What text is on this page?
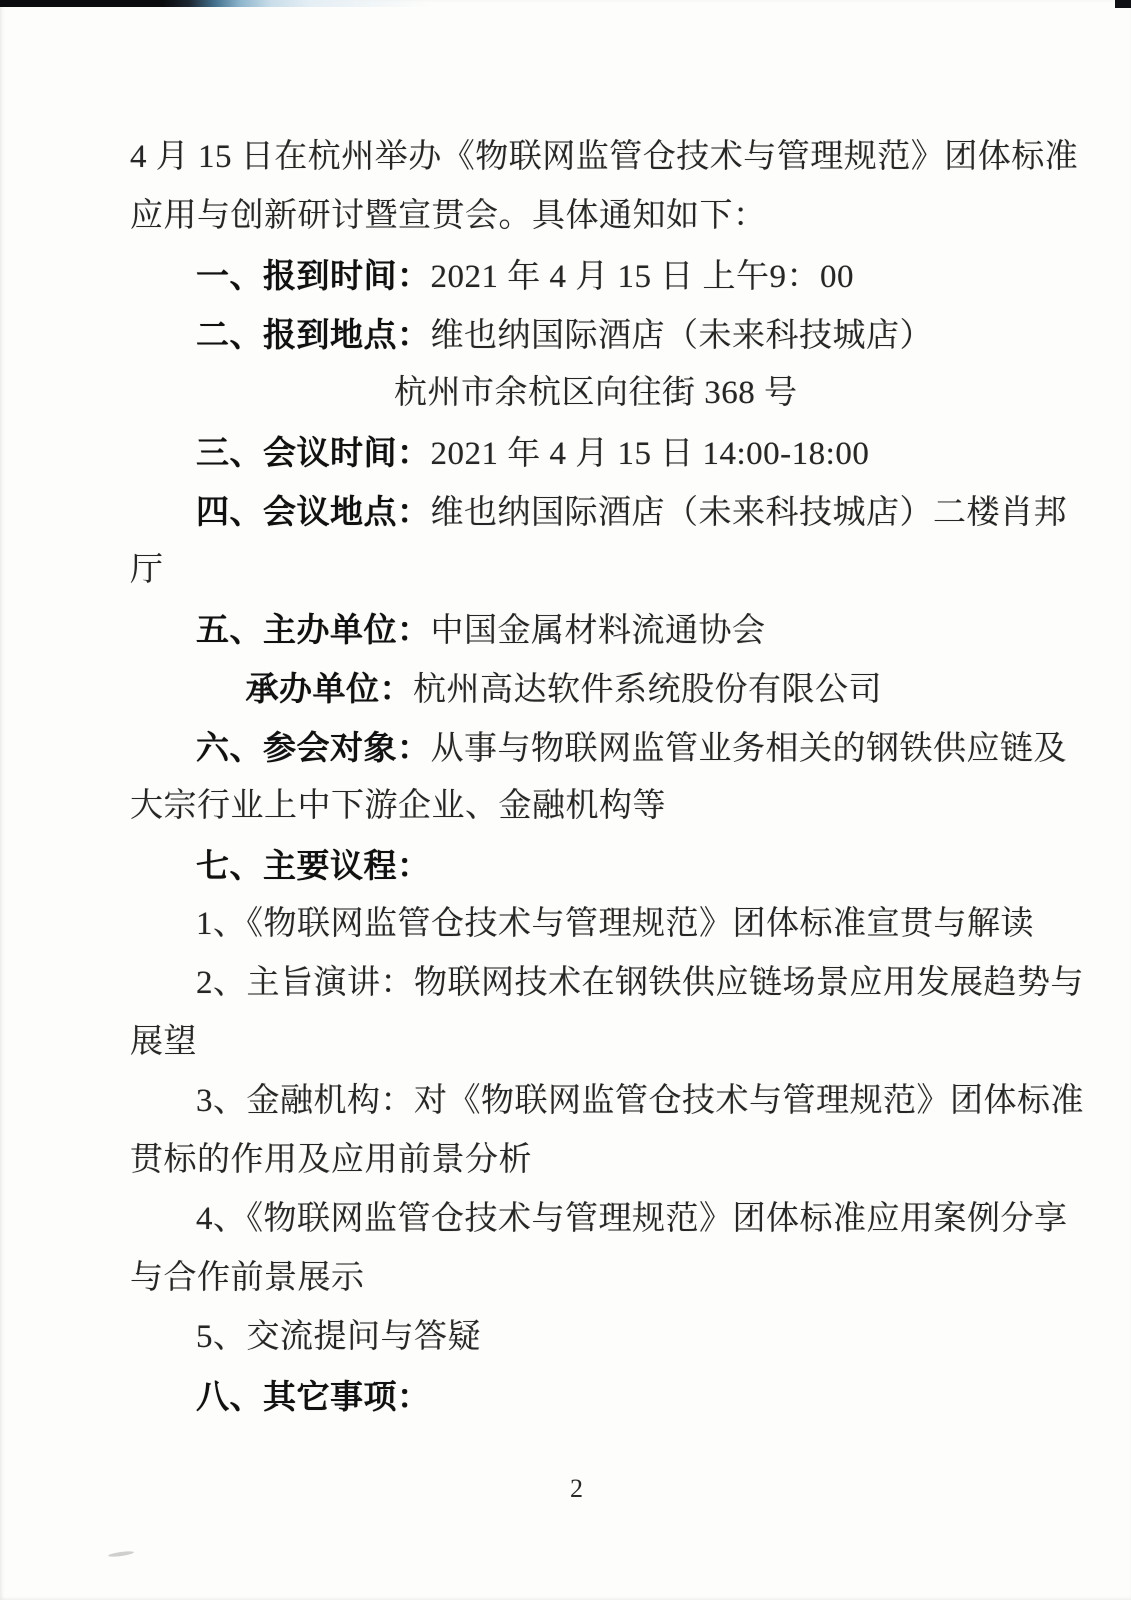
4 月 15 日在杭州举办《物联网监管仓技术与管理规范》团体标准
应用与创新研讨暨宣贯会。具体通知如下：
一、报到时间：2021 年 4 月 15 日 上午9：00
二、报到地点：维也纳国际酒店（未来科技城店）
杭州市余杭区向往街 368 号
三、会议时间：2021 年 4 月 15 日 14:00-18:00
四、会议地点：维也纳国际酒店（未来科技城店）二楼肖邦
厅
五、主办单位：中国金属材料流通协会
承办单位：杭州高达软件系统股份有限公司
六、参会对象：从事与物联网监管业务相关的钢铁供应链及
大宗行业上中下游企业、金融机构等
七、主要议程：
1、《物联网监管仓技术与管理规范》团体标准宣贯与解读
2、主旨演讲：物联网技术在钢铁供应链场景应用发展趋势与
展望
3、金融机构：对《物联网监管仓技术与管理规范》团体标准
贯标的作用及应用前景分析
4、《物联网监管仓技术与管理规范》团体标准应用案例分享
与合作前景展示
5、交流提问与答疑
八、其它事项：
2
